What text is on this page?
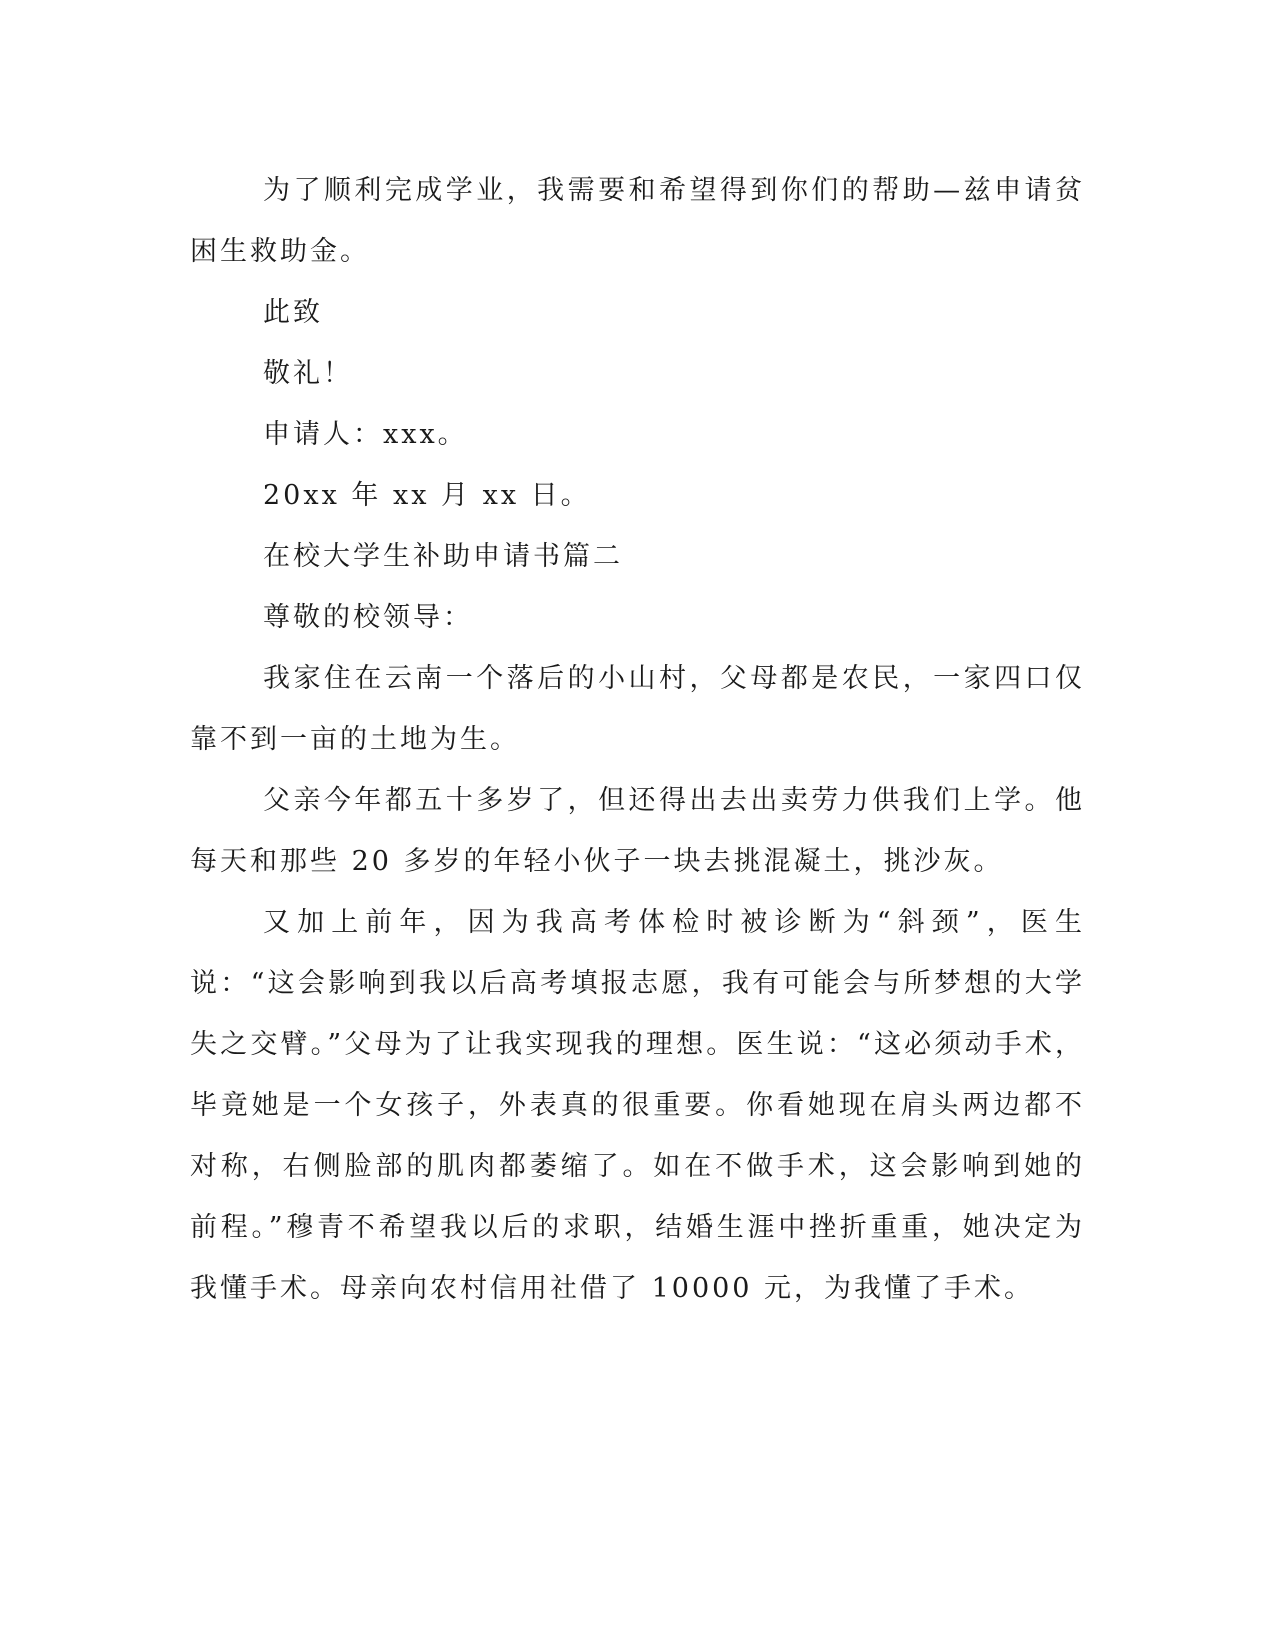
为了顺利完成学业，我需要和希望得到你们的帮助—兹申请贫困生救助金。

此致

敬礼！

申请人：xxx。

20xx 年 xx 月 xx 日。

在校大学生补助申请书篇二

尊敬的校领导：

我家住在云南一个落后的小山村，父母都是农民，一家四口仅靠不到一亩的土地为生。

父亲今年都五十多岁了，但还得出去出卖劳力供我们上学。他每天和那些 20 多岁的年轻小伙子一块去挑混凝土，挑沙灰。

又加上前年，因为我高考体检时被诊断为“斜颈”，医生说：“这会影响到我以后高考填报志愿，我有可能会与所梦想的大学失之交臂。”父母为了让我实现我的理想。医生说：“这必须动手术，毕竟她是一个女孩子，外表真的很重要。你看她现在肩头两边都不对称，右侧脸部的肌肉都萎缩了。如在不做手术，这会影响到她的前程。”穆青不希望我以后的求职，结婚生涯中挫折重重，她决定为我懂手术。母亲向农村信用社借了 10000 元，为我懂了手术。
